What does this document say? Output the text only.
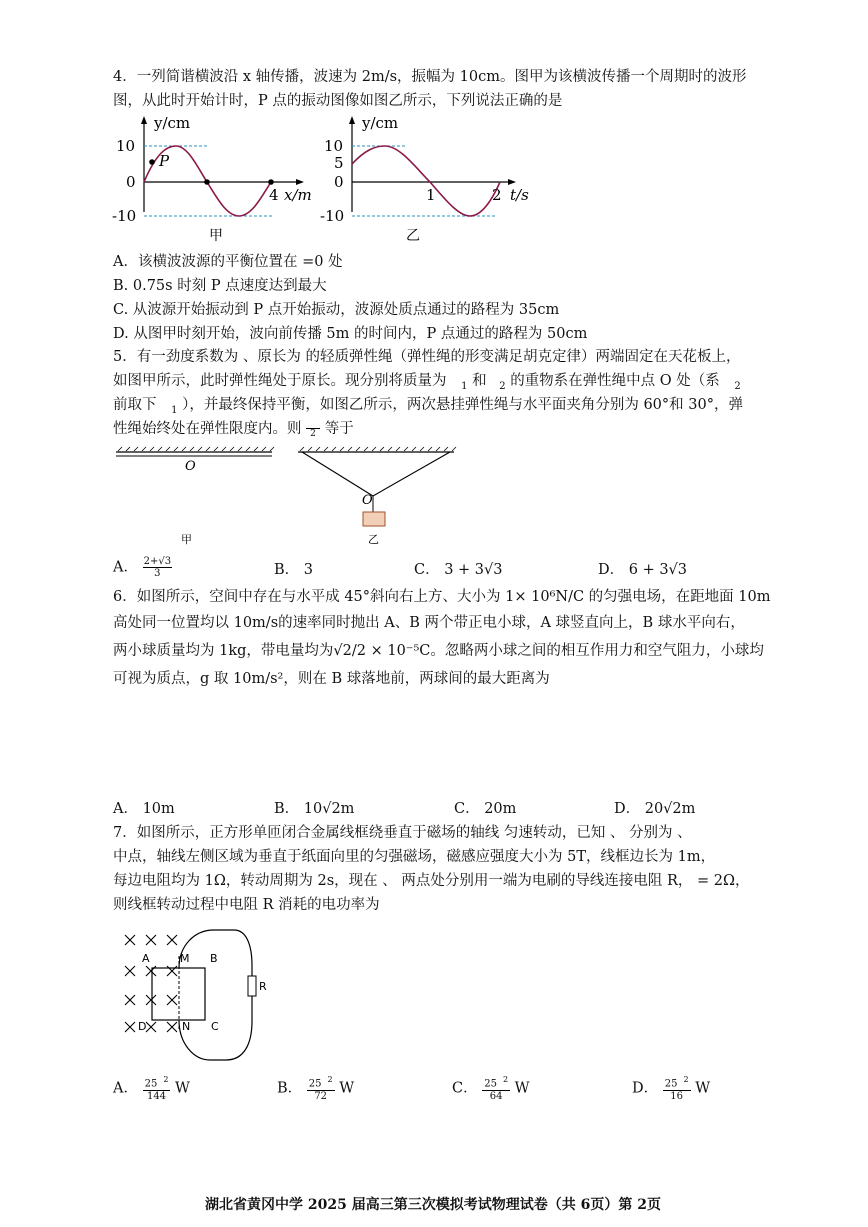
4．一列简谐横波沿 x 轴传播，波速为 2m/s，振幅为 10cm。图甲为该横波传播一个周期时的波形
图，从此时开始计时，P 点的振动图像如图乙所示，下列说法正确的是
y/cm
10
0
-10
4 x/m
P
甲
y/cm
10
5
0
-10
1	2 t/s
乙
A．该横波波源的平衡位置在 =0 处
B. 0.75s 时刻 P 点速度达到最大
C. 从波源开始振动到 P 点开始振动，波源处质点通过的路程为 35cm
D. 从图甲时刻开始，波向前传播 5m 的时间内，P 点通过的路程为 50cm
5．有一劲度系数为 、原长为 的轻质弹性绳（弹性绳的形变满足胡克定律）两端固定在天花板上，
如图甲所示，此时弹性绳处于原长。现分别将质量为 $_1$ 和 $_2$ 的重物系在弹性绳中点 O 处（系 $_2$
前取下 $_1$ ），并最终保持平衡，如图乙所示，两次悬挂弹性绳与水平面夹角分别为 60°和 30°，弹
性绳始终处在弹性限度内。则 2 等于
O
甲
O
乙
A． $\frac{2+√3}{3}$	B． 3	C． 3 + 3√3	D． 6 + 3√3
6．如图所示，空间中存在与水平成 45°斜向右上方、大小为 1× 10⁶N/C 的匀强电场，在距地面 10m
高处同一位置均以 10m/s的速率同时抛出 A、B 两个带正电小球，A 球竖直向上，B 球水平向右，
两小球质量均为 1kg，带电量均为√2/2 × 10⁻⁵C。忽略两小球之间的相互作用力和空气阻力，小球均
可视为质点，g 取 10m/s²，则在 B 球落地前，两球间的最大距离为
A． 10m	B． 10√2m	C． 20m	D． 20√2m
7．如图所示，正方形单匝闭合金属线框绕垂直于磁场的轴线 匀速转动，已知 、 分别为 、
中点，轴线左侧区域为垂直于纸面向里的匀强磁场，磁感应强度大小为 5T，线框边长为 1m，
每边电阻均为 1Ω，转动周期为 2s，现在 、 两点处分别用一端为电刷的导线连接电阻 R， = 2Ω，
则线框转动过程中电阻 R 消耗的电功率为
A	M B
D	N C
R
A． $\frac{25 ^2}{144}$ W	B． $\frac{25 ^2}{72}$ W	C． $\frac{25 ^2}{64}$ W	D． $\frac{25 ^2}{16}$ W
湖北省黄冈中学 2025 届高三第三次模拟考试物理试卷（共 6页）第 2页
